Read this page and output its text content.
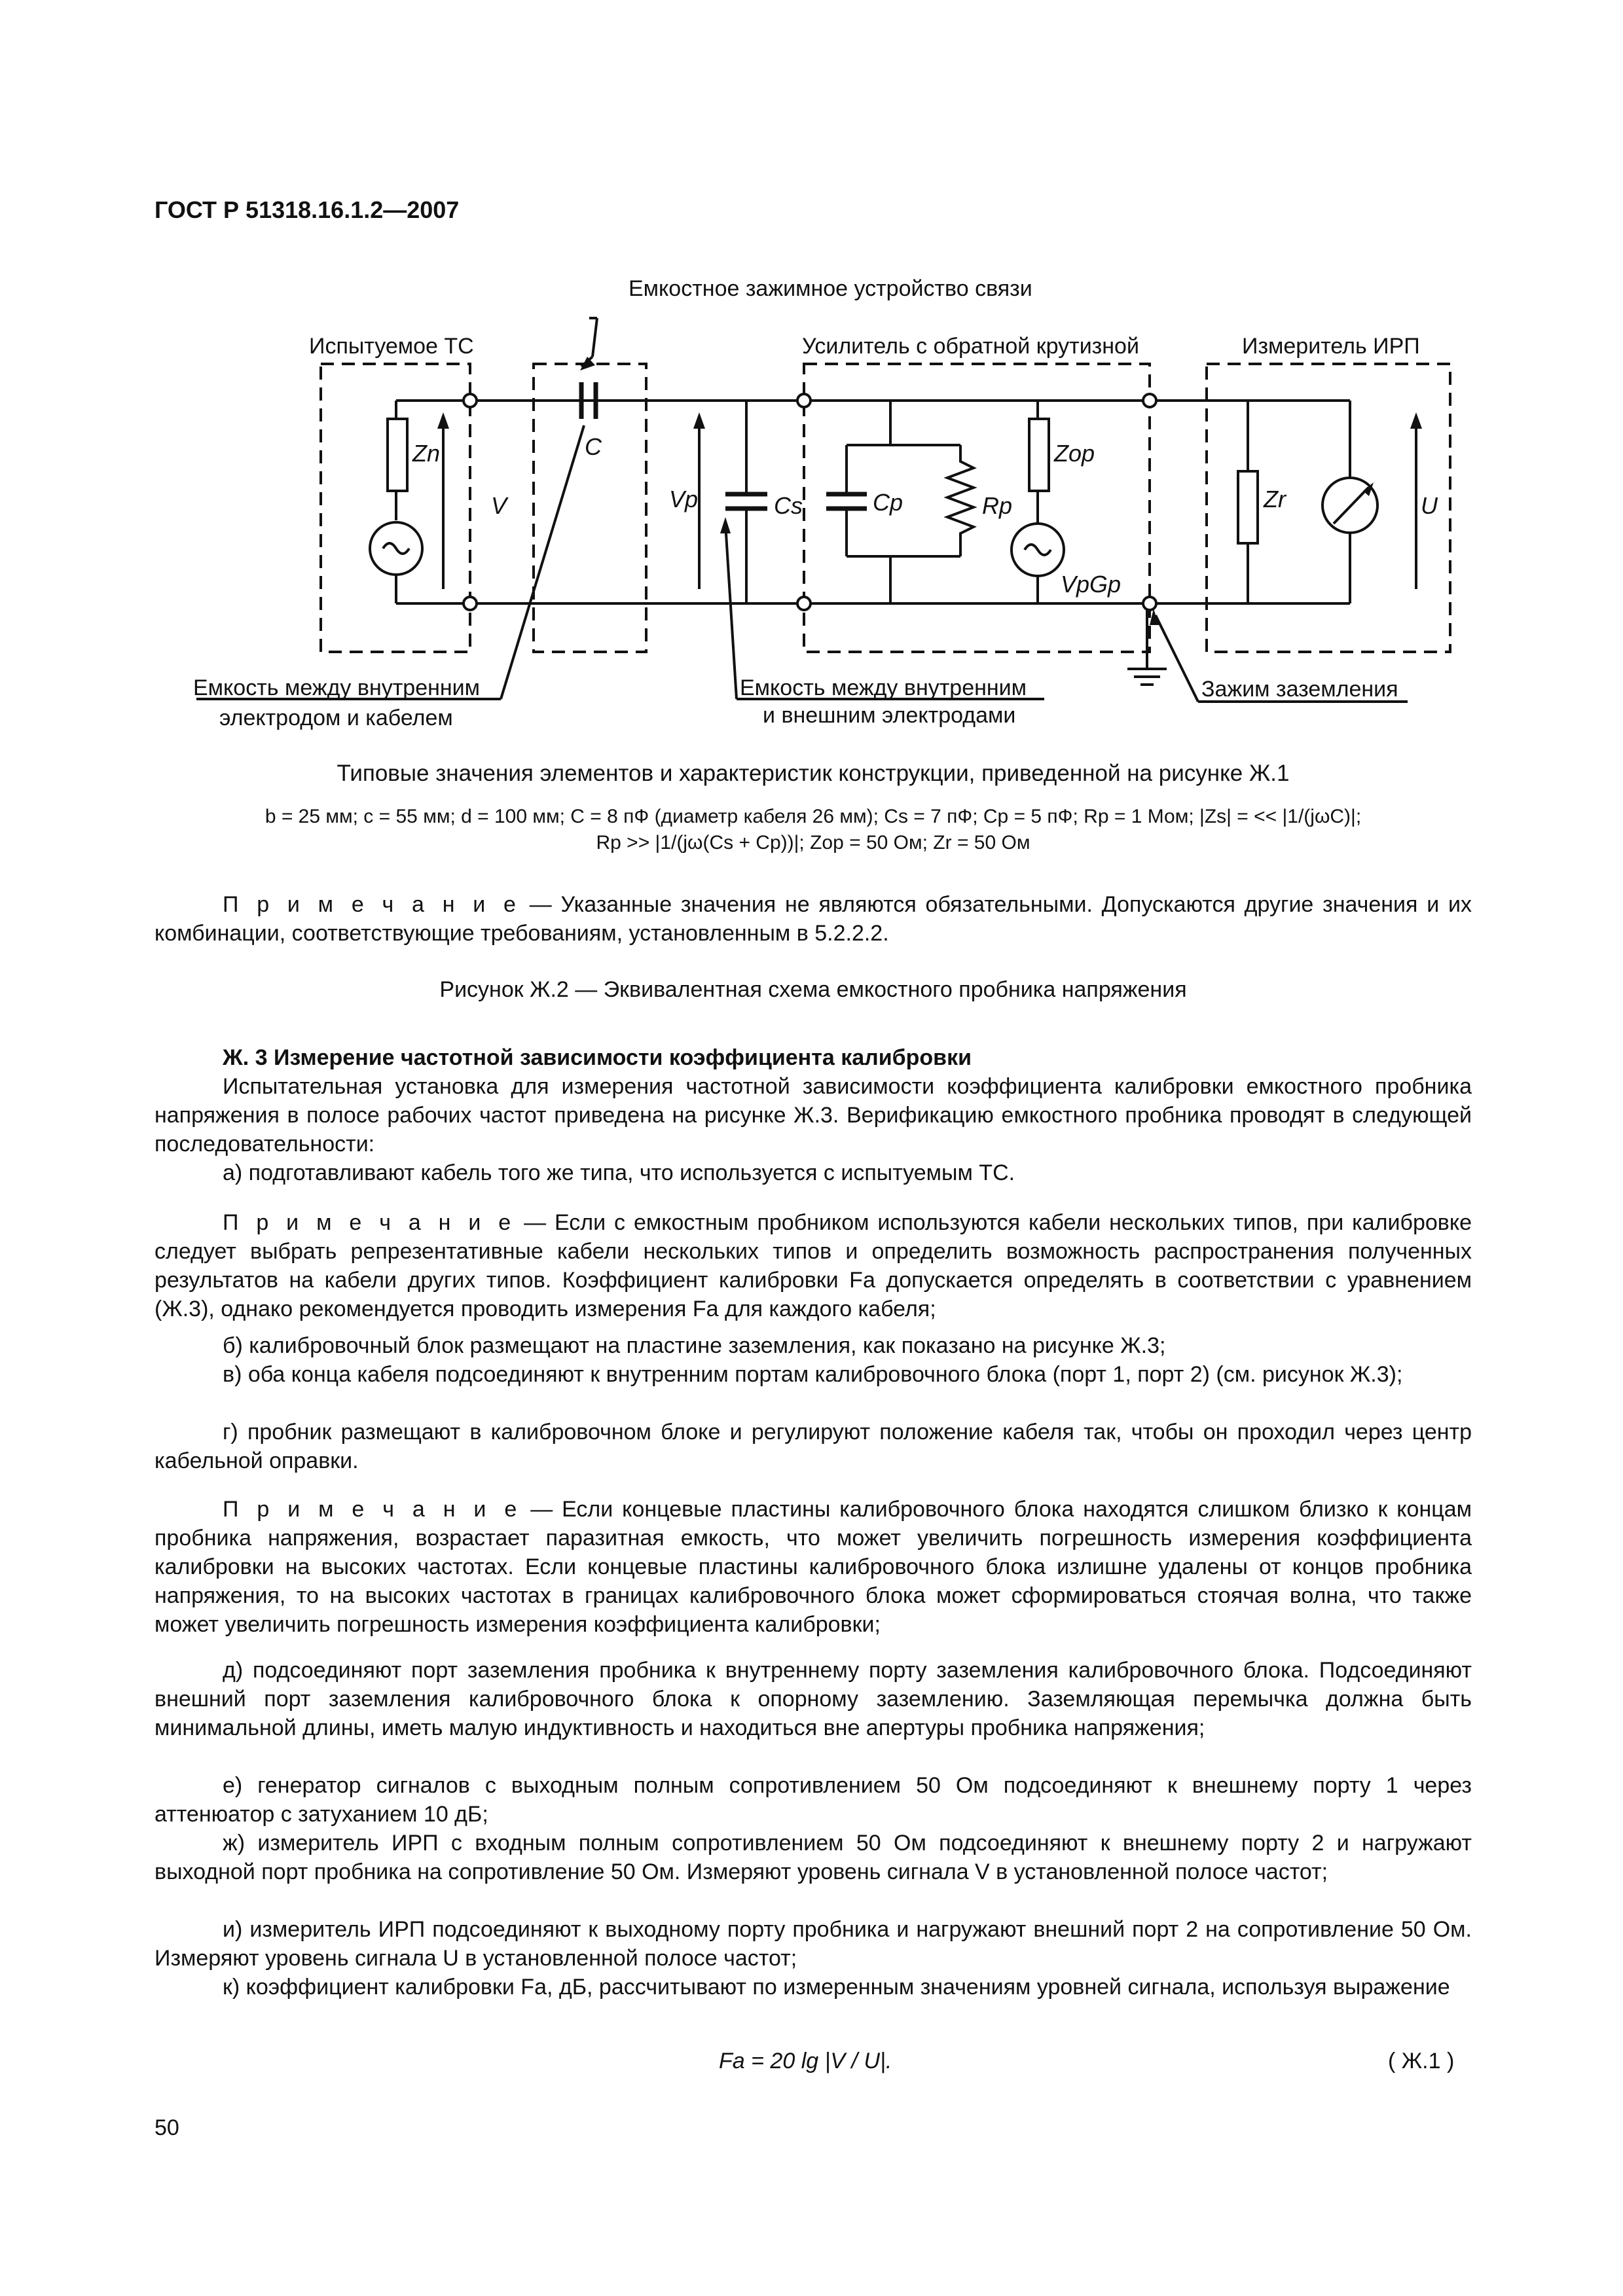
ГОСТ Р 51318.16.1.2—2007
Емкостное зажимное устройство связи
Испытуемое ТС	Усилитель с обратной крутизной	Измеритель ИРП
Емкость между внутренним
электродом и кабелем
Емкость между внутренним
и внешним электродами
Зажим заземления
Zn
V
C
Vp	Cs	Cp	Rp
Zop
VpGp
Zr	U
Типовые значения элементов и характеристик конструкции, приведенной на рисунке Ж.1
b = 25 мм; c = 55 мм; d = 100 мм; C = 8 пФ (диаметр кабеля 26 мм); Cs = 7 пФ; Cp = 5 пФ; Rp = 1 Мом; |Zs| = << |1/(jωC)|;
Rp >> |1/(jω(Cs + Cp))|; Zop = 50 Ом; Zr = 50 Ом
П р и м е ч а н и е — Указанные значения не являются обязательными. Допускаются другие значения и их комбинации, соответствующие требованиям, установленным в 5.2.2.2.
Рисунок Ж.2 — Эквивалентная схема емкостного пробника напряжения
Ж. 3 Измерение частотной зависимости коэффициента калибровки
Испытательная установка для измерения частотной зависимости коэффициента калибровки емкостного пробника напряжения в полосе рабочих частот приведена на рисунке Ж.3. Верификацию емкостного пробника проводят в следующей последовательности:
а) подготавливают кабель того же типа, что используется с испытуемым ТС.
П р и м е ч а н и е — Если с емкостным пробником используются кабели нескольких типов, при калибровке следует выбрать репрезентативные кабели нескольких типов и определить возможность распространения полученных результатов на кабели других типов. Коэффициент калибровки Fa допускается определять в соответствии с уравнением (Ж.3), однако рекомендуется проводить измерения Fa для каждого кабеля;
б) калибровочный блок размещают на пластине заземления, как показано на рисунке Ж.3;
в) оба конца кабеля подсоединяют к внутренним портам калибровочного блока (порт 1, порт 2) (см. рисунок Ж.3);
г) пробник размещают в калибровочном блоке и регулируют положение кабеля так, чтобы он проходил через центр кабельной оправки.
П р и м е ч а н и е — Если концевые пластины калибровочного блока находятся слишком близко к концам пробника напряжения, возрастает паразитная емкость, что может увеличить погрешность измерения коэффициента калибровки на высоких частотах. Если концевые пластины калибровочного блока излишне удалены от концов пробника напряжения, то на высоких частотах в границах калибровочного блока может сформироваться стоячая волна, что также может увеличить погрешность измерения коэффициента калибровки;
д) подсоединяют порт заземления пробника к внутреннему порту заземления калибровочного блока. Подсоединяют внешний порт заземления калибровочного блока к опорному заземлению. Заземляющая перемычка должна быть минимальной длины, иметь малую индуктивность и находиться вне апертуры пробника напряжения;
е) генератор сигналов с выходным полным сопротивлением 50 Ом подсоединяют к внешнему порту 1 через аттенюатор с затуханием 10 дБ;
ж) измеритель ИРП с входным полным сопротивлением 50 Ом подсоединяют к внешнему порту 2 и нагружают выходной порт пробника на сопротивление 50 Ом. Измеряют уровень сигнала V в установленной полосе частот;
и) измеритель ИРП подсоединяют к выходному порту пробника и нагружают внешний порт 2 на сопротивление 50 Ом. Измеряют уровень сигнала U в установленной полосе частот;
к) коэффициент калибровки Fa, дБ, рассчитывают по измеренным значениям уровней сигнала, используя выражение
Fa = 20 lg |V / U|.	( Ж.1 )
50
